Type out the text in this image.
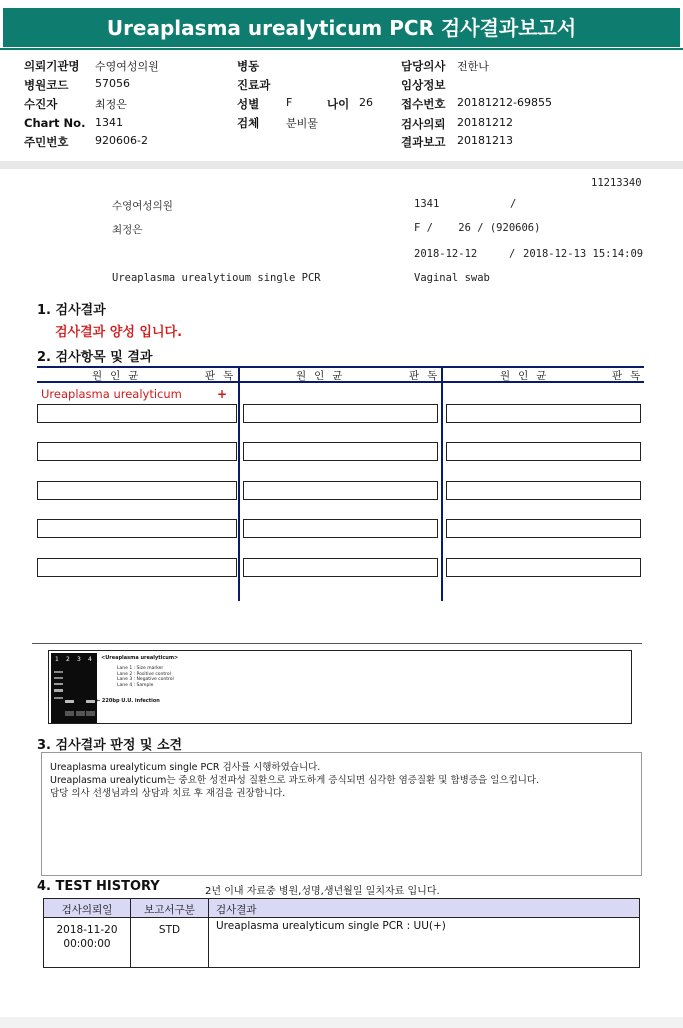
Ureaplasma urealyticum PCR 검사결과보고서
의뢰기관명 수영여성의원
병원코드 57056
수진자	최정은
Chart No. 1341
주민번호 920606-2
병동
진료과
성별 F	나이 26
검체 분비물
담당의사 전한나
임상정보
접수번호 20181212-69855
검사의뢰 20181212
결과보고 20181213
11213340
수영여성의원	1341	/
최정은	F /    26 / (920606)
2018-12-12	/ 2018-12-13 15:14:09
Ureaplasma urealytioum single PCR	Vaginal swab
1. 검사결과
검사결과 양성 입니다.
2. 검사항목 및 결과
원인균	판독	원인균	판독	원인균	판독
Ureaplasma urealyticum	+
1 2 3 4 <Ureaplasma urealyticum>
Lane 1 : Size marker
Lane 2 : Positive control
Lane 3 : Negative control
Lane 4 : Sample
← 220bp U.U. infection
3. 검사결과 판정 및 소견
Ureaplasma urealyticum single PCR 검사를 시행하였습니다.
Ureaplasma urealyticum는 중요한 성전파성 질환으로 과도하게 증식되면 심각한 염증질환 및 합병증을 일으킵니다.
담당 의사 선생님과의 상담과 치료 후 재검을 권장합니다.
4. TEST HISTORY	2년 이내 자료중 병원,성명,생년월일 일치자료 입니다.
검사의뢰일	보고서구분	검사결과
2018-11-20
00:00:00
STD	Ureaplasma urealyticum single PCR : UU(+)
